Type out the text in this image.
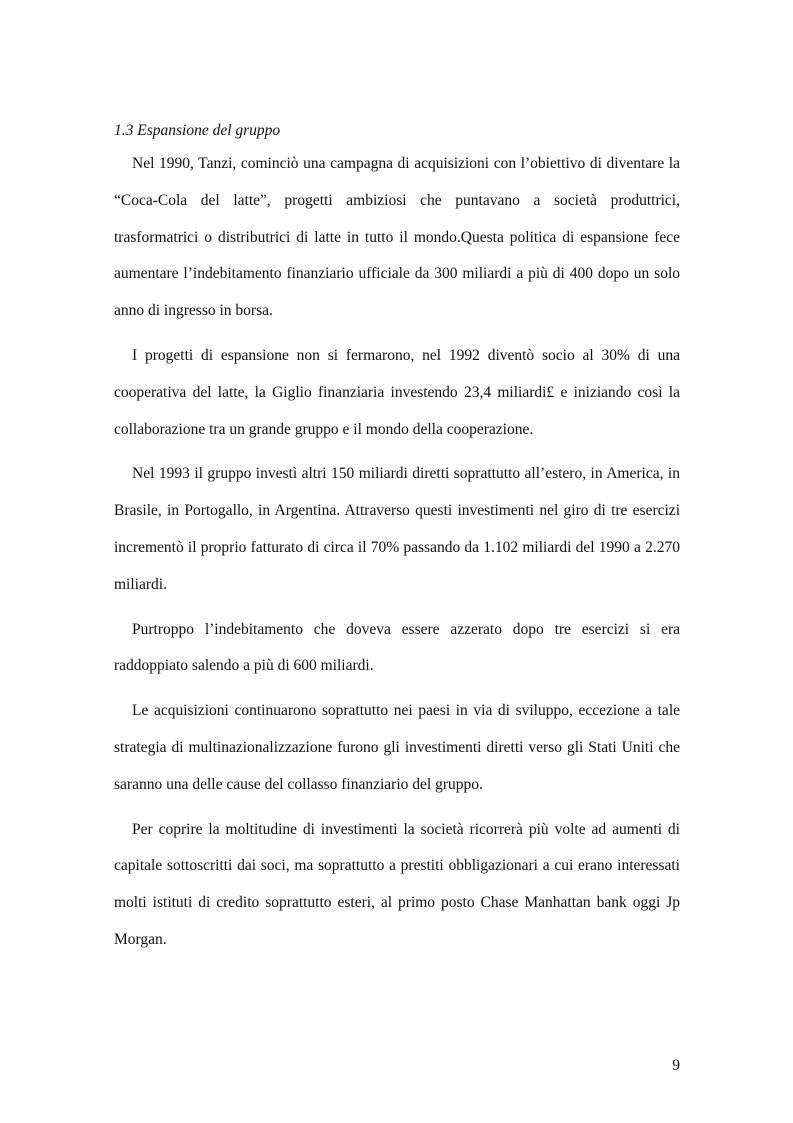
1.3 Espansione del gruppo

Nel 1990, Tanzi, cominciò una campagna di acquisizioni con l’obiettivo di diventare la “Coca-Cola del latte”, progetti ambiziosi che puntavano a società produttrici, trasformatrici o distributrici di latte in tutto il mondo.Questa politica di espansione fece aumentare l’indebitamento finanziario ufficiale da 300 miliardi a più di 400 dopo un solo anno di ingresso in borsa.

I progetti di espansione non si fermarono, nel 1992 diventò socio al 30% di una cooperativa del latte, la Giglio finanziaria investendo 23,4 miliardi£ e iniziando così la collaborazione tra un grande gruppo e il mondo della cooperazione.

Nel 1993 il gruppo investì altri 150 miliardi diretti soprattutto all’estero, in America, in Brasile, in Portogallo, in Argentina. Attraverso questi investimenti nel giro di tre esercizi incrementò il proprio fatturato di circa il 70% passando da 1.102 miliardi del 1990 a 2.270 miliardi.

Purtroppo l’indebitamento che doveva essere azzerato dopo tre esercizi si era raddoppiato salendo a più di 600 miliardi.

Le acquisizioni continuarono soprattutto nei paesi in via di sviluppo, eccezione a tale strategia di multinazionalizzazione furono gli investimenti diretti verso gli Stati Uniti che saranno una delle cause del collasso finanziario del gruppo.

Per coprire la moltitudine di investimenti la società ricorrerà più volte ad aumenti di capitale sottoscritti dai soci, ma soprattutto a prestiti obbligazionari a cui erano interessati molti istituti di credito soprattutto esteri, al primo posto Chase Manhattan bank oggi Jp Morgan.

9
